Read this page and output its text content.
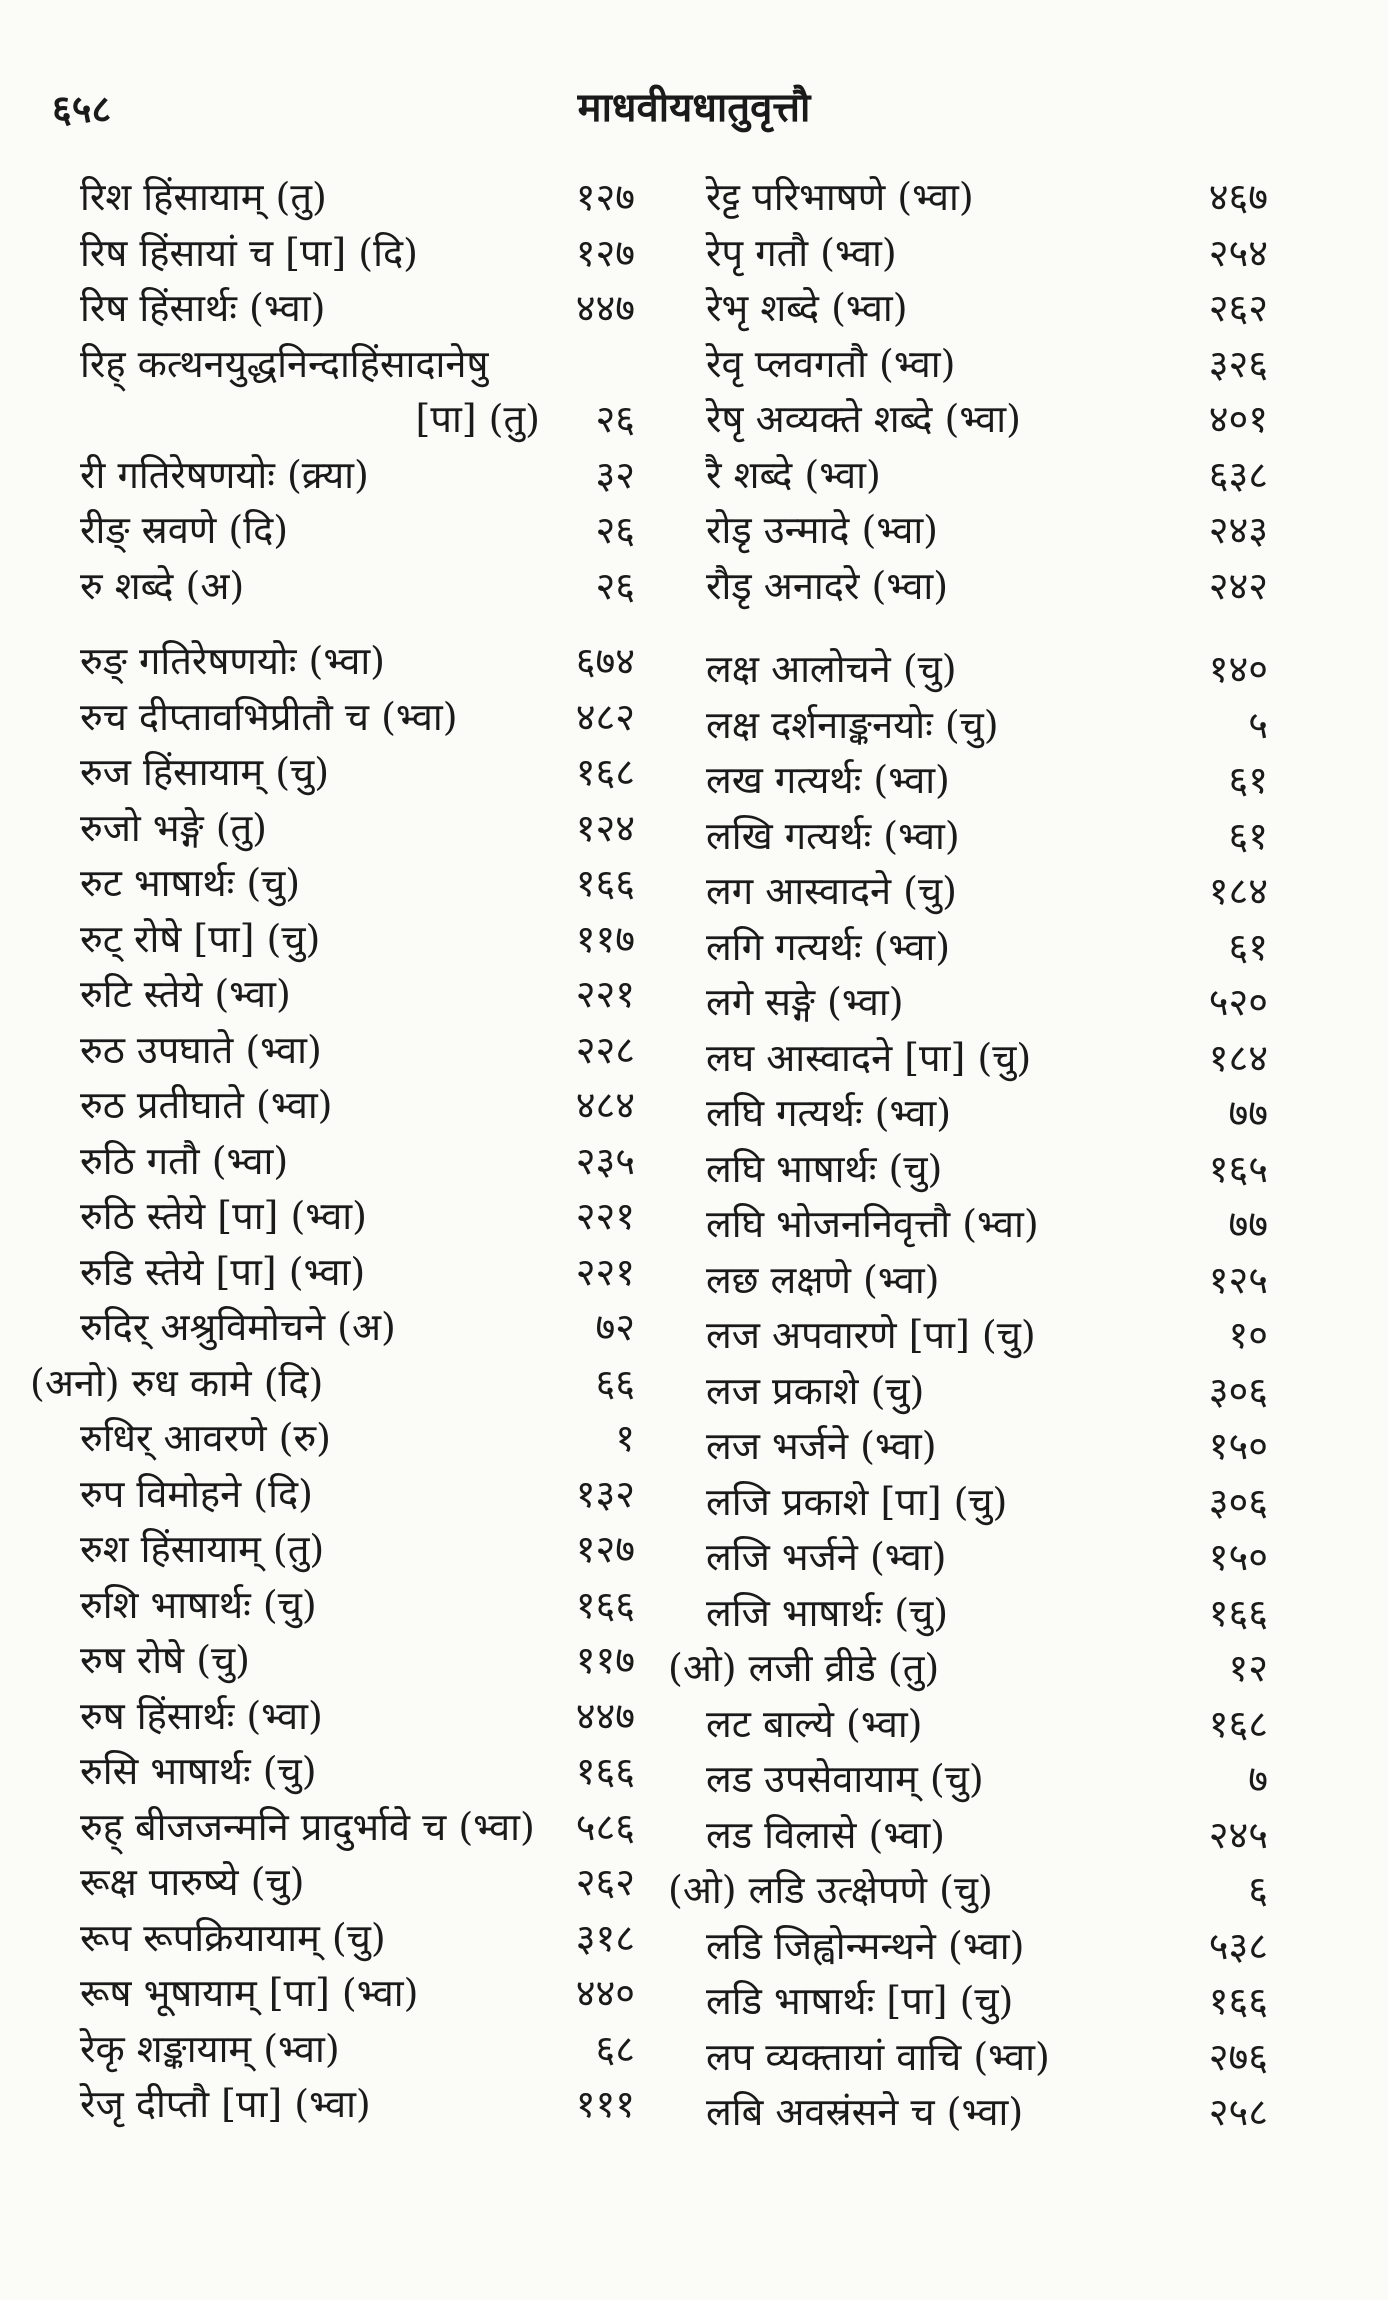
६५८	माधवीयधातुवृत्तौ
रिश हिंसायाम् (तु)	१२७
रिष हिंसायां च [पा] (दि)	१२७
रिष हिंसार्थः (भ्वा)	४४७
रिह् कत्थनयुद्धनिन्दाहिंसादानेषु
[पा] (तु) २६
री गतिरेषणयोः (क्र्या)	३२
रीङ् स्रवणे (दि)	२६
रु शब्दे (अ)	२६
रुङ् गतिरेषणयोः (भ्वा)	६७४
रुच दीप्तावभिप्रीतौ च (भ्वा)	४८२
रुज हिंसायाम् (चु)	१६८
रुजो भङ्गे (तु)	१२४
रुट भाषार्थः (चु)	१६६
रुट् रोषे [पा] (चु)	११७
रुटि स्तेये (भ्वा)	२२१
रुठ उपघाते (भ्वा)	२२८
रुठ प्रतीघाते (भ्वा)	४८४
रुठि गतौ (भ्वा)	२३५
रुठि स्तेये [पा] (भ्वा)	२२१
रुडि स्तेये [पा] (भ्वा)	२२१
रुदिर् अश्रुविमोचने (अ)	७२
(अनो) रुध कामे (दि)	६६
रुधिर् आवरणे (रु)	१
रुप विमोहने (दि)	१३२
रुश हिंसायाम् (तु)	१२७
रुशि भाषार्थः (चु)	१६६
रुष रोषे (चु)	११७
रुष हिंसार्थः (भ्वा)	४४७
रुसि भाषार्थः (चु)	१६६
रुह् बीजजन्मनि प्रादुर्भावे च (भ्वा) ५८६
रूक्ष पारुष्ये (चु)	२६२
रूप रूपक्रियायाम् (चु)	३१८
रूष भूषायाम् [पा] (भ्वा)	४४०
रेकृ शङ्कायाम् (भ्वा)	६८
रेजृ दीप्तौ [पा] (भ्वा)	१११
रेट्ट परिभाषणे (भ्वा)	४६७
रेपृ गतौ (भ्वा)	२५४
रेभृ शब्दे (भ्वा)	२६२
रेवृ प्लवगतौ (भ्वा)	३२६
रेषृ अव्यक्ते शब्दे (भ्वा)	४०१
रै शब्दे (भ्वा)	६३८
रोडृ उन्मादे (भ्वा)	२४३
रौडृ अनादरे (भ्वा)	२४२
लक्ष आलोचने (चु)	१४०
लक्ष दर्शनाङ्कनयोः (चु)	५
लख गत्यर्थः (भ्वा)	६१
लखि गत्यर्थः (भ्वा)	६१
लग आस्वादने (चु)	१८४
लगि गत्यर्थः (भ्वा)	६१
लगे सङ्गे (भ्वा)	५२०
लघ आस्वादने [पा] (चु)	१८४
लघि गत्यर्थः (भ्वा)	७७
लघि भाषार्थः (चु)	१६५
लघि भोजननिवृत्तौ (भ्वा)	७७
लछ लक्षणे (भ्वा)	१२५
लज अपवारणे [पा] (चु)	१०
लज प्रकाशे (चु)	३०६
लज भर्जने (भ्वा)	१५०
लजि प्रकाशे [पा] (चु)	३०६
लजि भर्जने (भ्वा)	१५०
लजि भाषार्थः (चु)	१६६
(ओ) लजी व्रीडे (तु)	१२
लट बाल्ये (भ्वा)	१६८
लड उपसेवायाम् (चु)	७
लड विलासे (भ्वा)	२४५
(ओ) लडि उत्क्षेपणे (चु)	६
लडि जिह्वोन्मन्थने (भ्वा)	५३८
लडि भाषार्थः [पा] (चु)	१६६
लप व्यक्तायां वाचि (भ्वा)	२७६
लबि अवस्रंसने च (भ्वा)	२५८
